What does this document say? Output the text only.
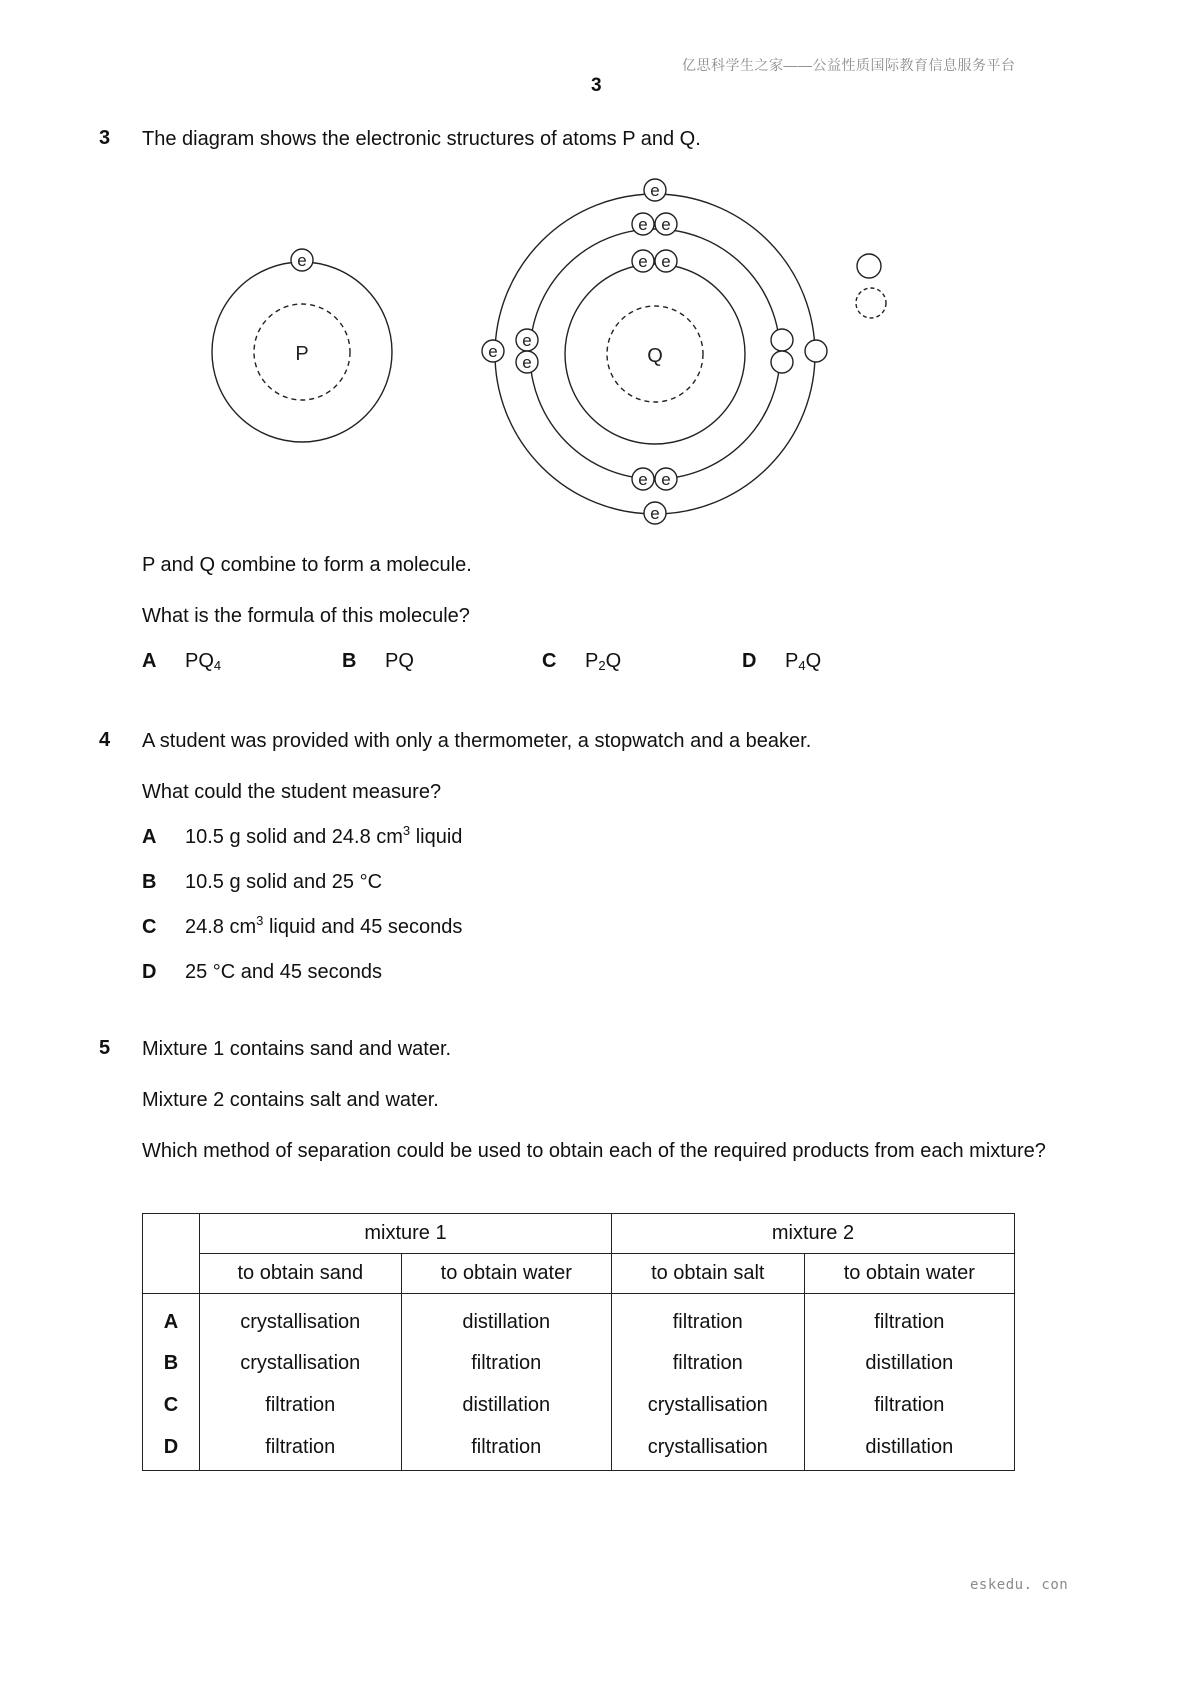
亿思科学生之家——公益性质国际教育信息服务平台
3
3 The diagram shows the electronic structures of atoms P and Q.
P
e
Q
e
e e
e e
e
e
e
e e
e
P and Q combine to form a molecule.
What is the formula of this molecule?
A $PQ_4$	B PQ	C $P_2Q$	D $P_4Q$
4 A student was provided with only a thermometer, a stopwatch and a beaker.
What could the student measure?
A 10.5 g solid and 24.8 $cm^3$ liquid
B 10.5 g solid and 25 °C
C 24.8 $cm^3$ liquid and 45 seconds
D 25 °C and 45 seconds
5 Mixture 1 contains sand and water.
Mixture 2 contains salt and water.
Which method of separation could be used to obtain each of the required products from each mixture?
	mixture 1		mixture 2	
	to obtain sand	to obtain water	to obtain salt	to obtain water
A	crystallisation	distillation	filtration	filtration
B	crystallisation	filtration	filtration	distillation
C	filtration	distillation	crystallisation	filtration
D	filtration	filtration	crystallisation	distillation
eskedu. con
